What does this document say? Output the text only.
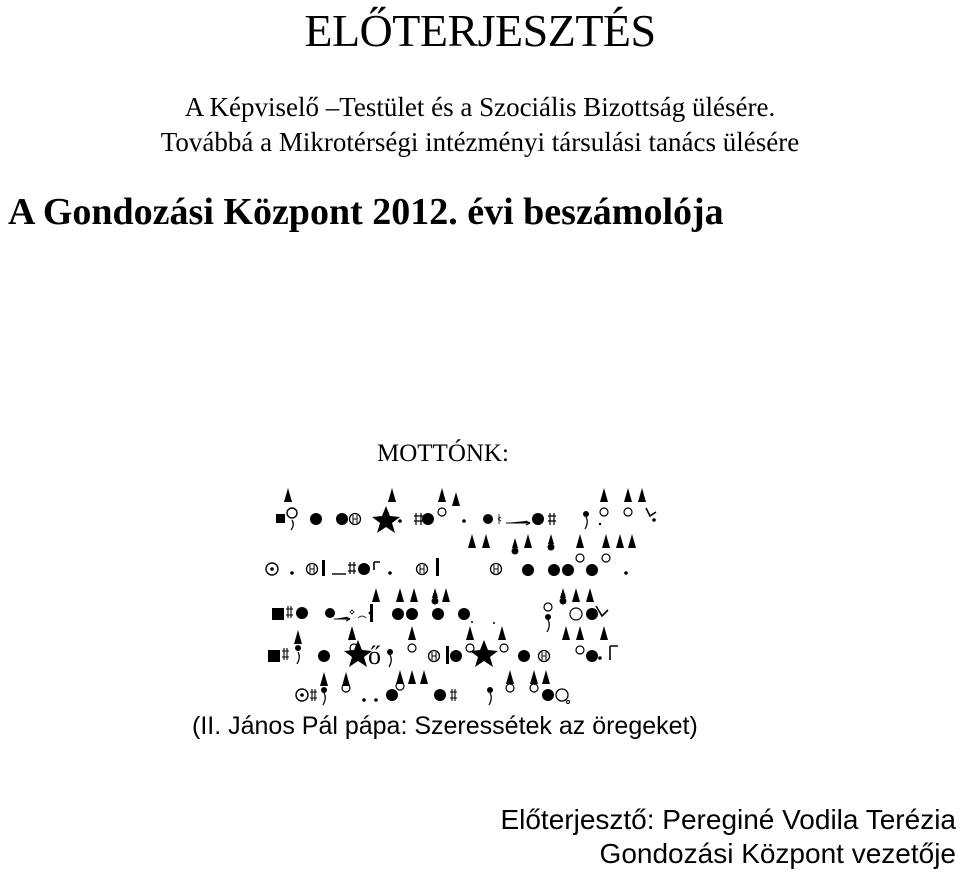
ELŐTERJESZTÉS
A Képviselő –Testület és a Szociális Bizottság ülésére.
Továbbá a Mikrotérségi intézményi társulási tanács ülésére
A Gondozási Központ 2012. évi beszámolója
MOTTÓNK:
ő
(II. János Pál pápa: Szeressétek az öregeket)
Előterjesztő: Pereginé Vodila Terézia
Gondozási Központ vezetője
